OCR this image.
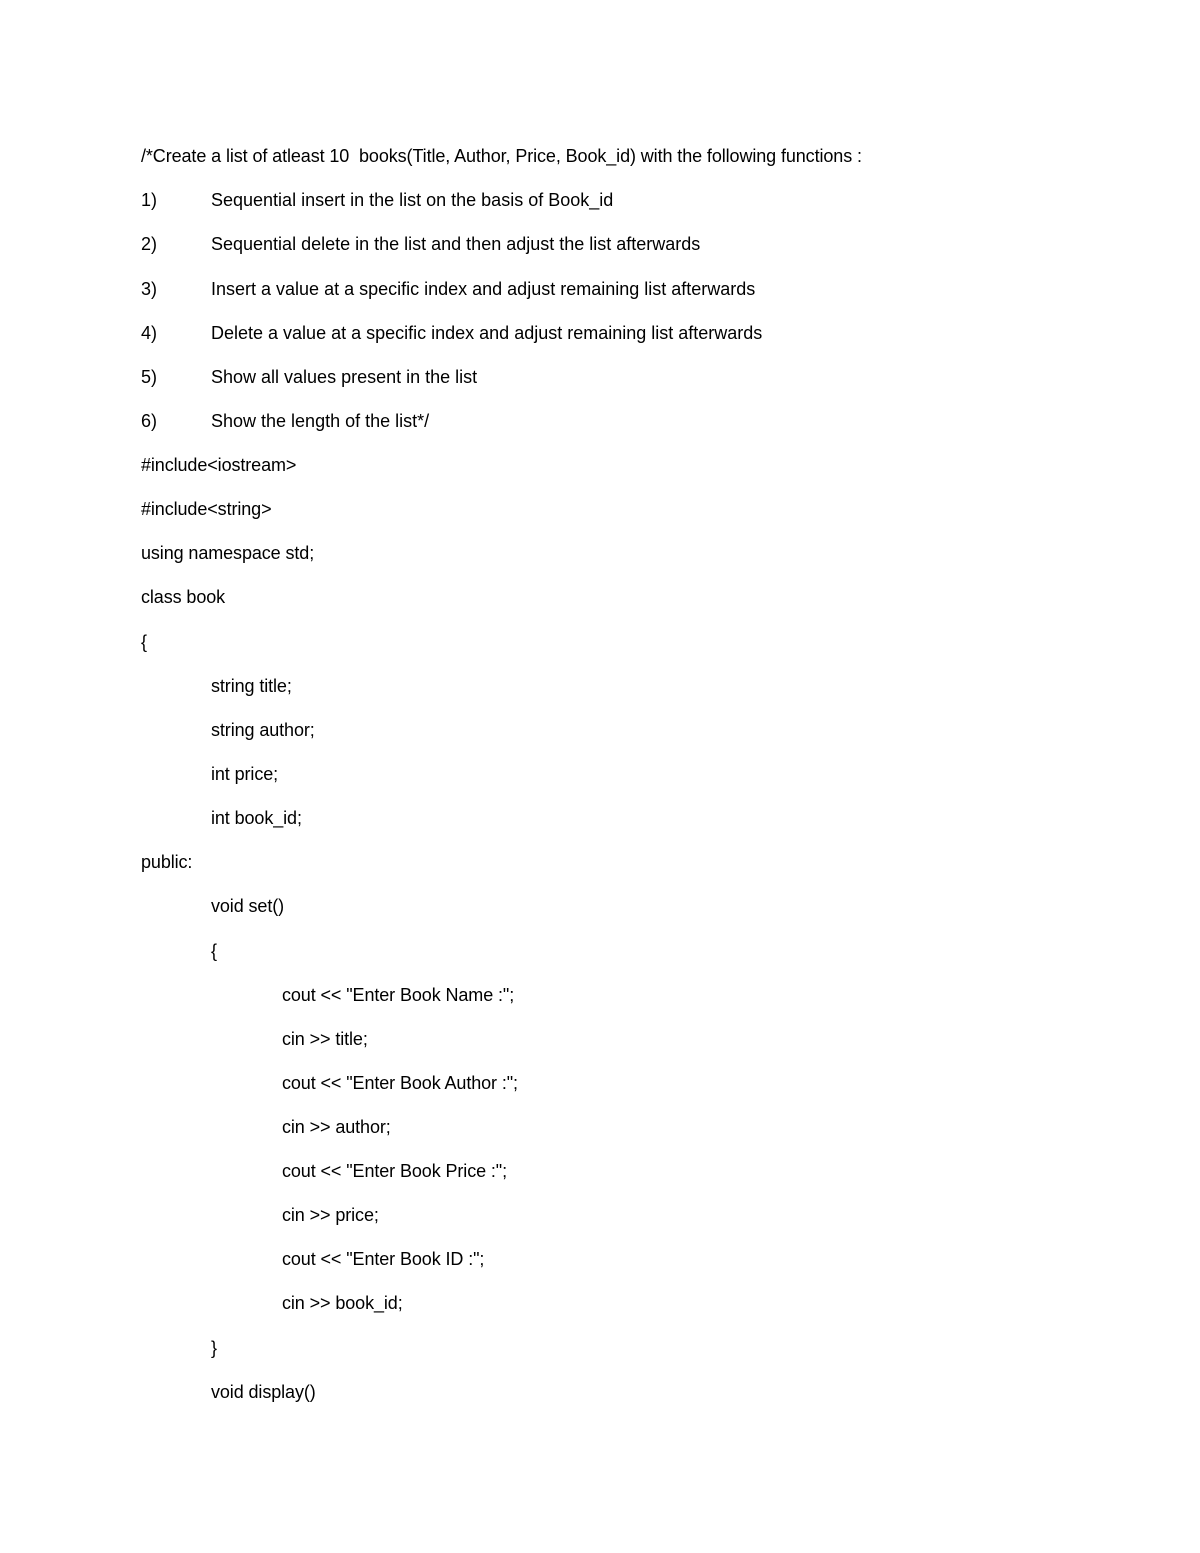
/*Create a list of atleast 10  books(Title, Author, Price, Book_id) with the following functions :
1)	Sequential insert in the list on the basis of Book_id
2)	Sequential delete in the list and then adjust the list afterwards
3)	Insert a value at a specific index and adjust remaining list afterwards
4)	Delete a value at a specific index and adjust remaining list afterwards
5)	Show all values present in the list
6)	Show the length of the list*/
#include<iostream>
#include<string>
using namespace std;
class book
{
string title;
string author;
int price;
int book_id;
public:
void set()
{
cout << "Enter Book Name :";
cin >> title;
cout << "Enter Book Author :";
cin >> author;
cout << "Enter Book Price :";
cin >> price;
cout << "Enter Book ID :";
cin >> book_id;
}
void display()
